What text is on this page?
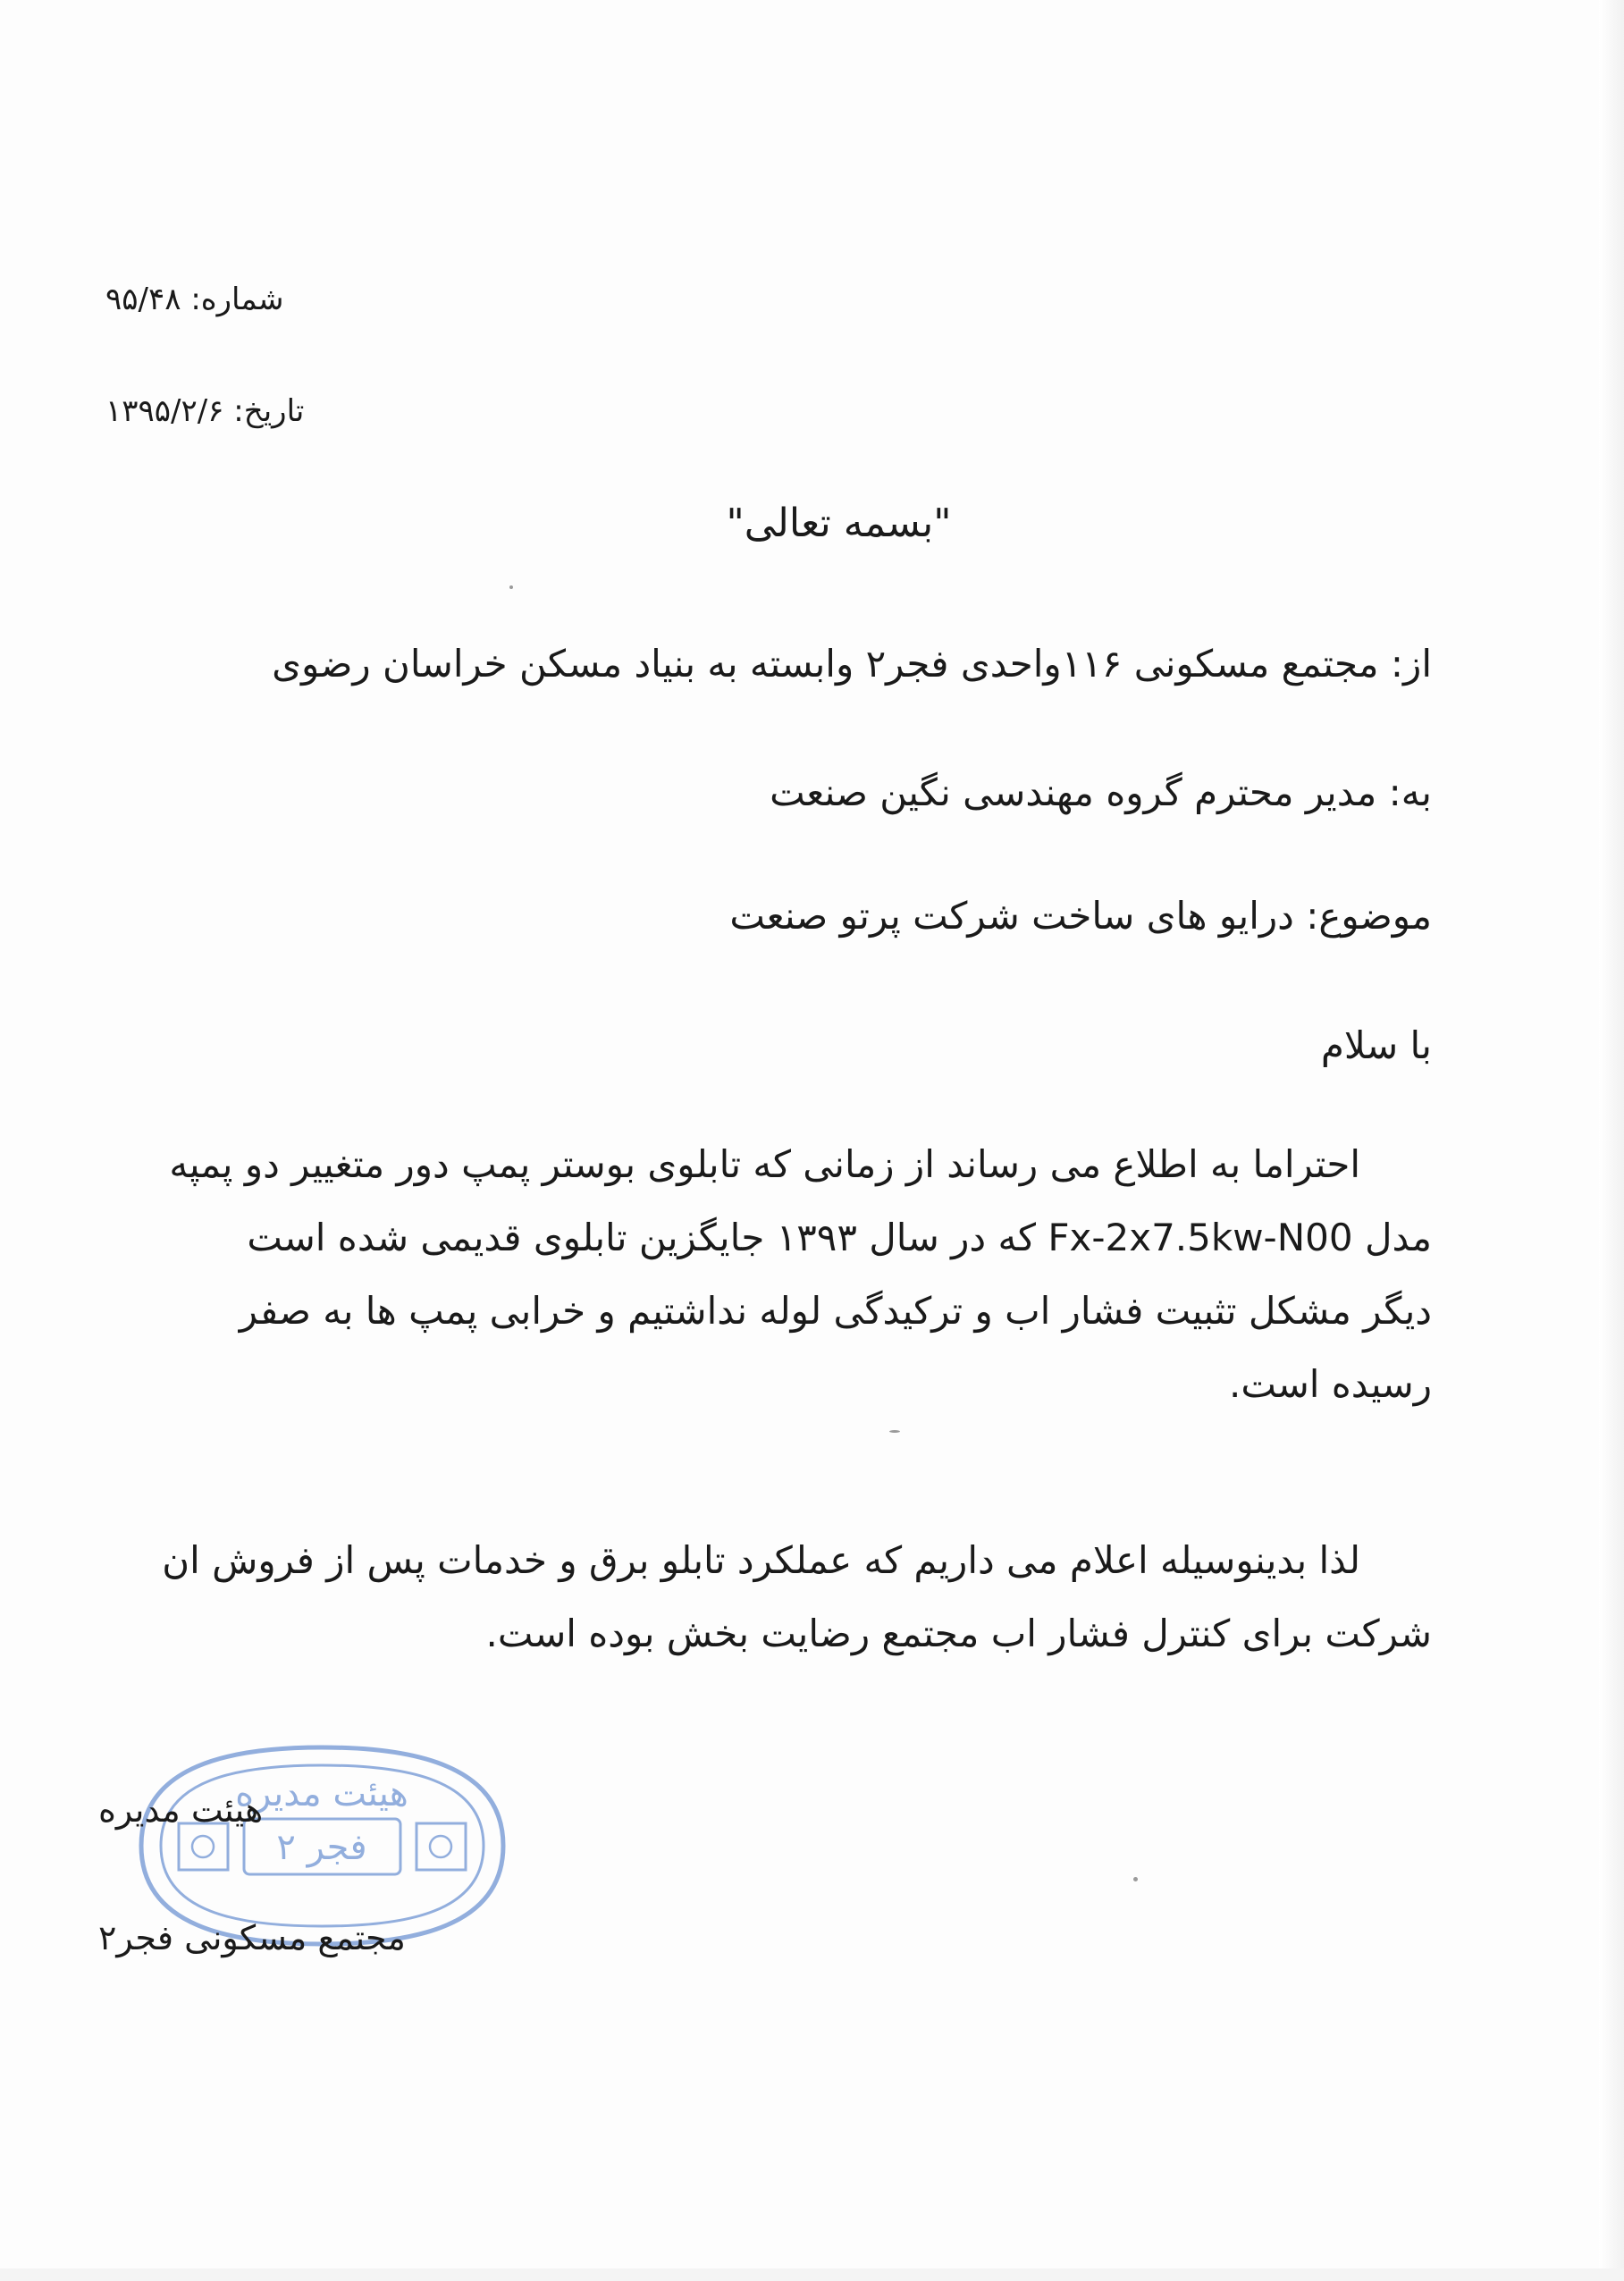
شماره: ۹۵/۴۸

تاریخ: ۱۳۹۵/۲/۶

"بسمه تعالی"

از: مجتمع مسکونی ۱۱۶واحدی فجر۲ وابسته به بنیاد مسکن خراسان رضوی

به: مدیر محترم گروه مهندسی نگین صنعت

موضوع: درایو های ساخت شرکت پرتو صنعت

با سلام

احتراما به اطلاع می رساند از زمانی که تابلوی بوستر پمپ دور متغییر دو پمپه

مدل Fx-2x7.5kw-N00 که در سال ۱۳۹۳ جایگزین تابلوی قدیمی شده است

دیگر مشکل تثبیت فشار اب و ترکیدگی لوله نداشتیم و خرابی پمپ ها به صفر

رسیده است.

لذا بدینوسیله اعلام می داریم که عملکرد تابلو برق و خدمات پس از فروش ان

شرکت برای کنترل فشار اب مجتمع رضایت بخش بوده است.

هیئت مدیره
فجر ۲

هیئت مدیره

مجتمع مسکونی فجر۲
